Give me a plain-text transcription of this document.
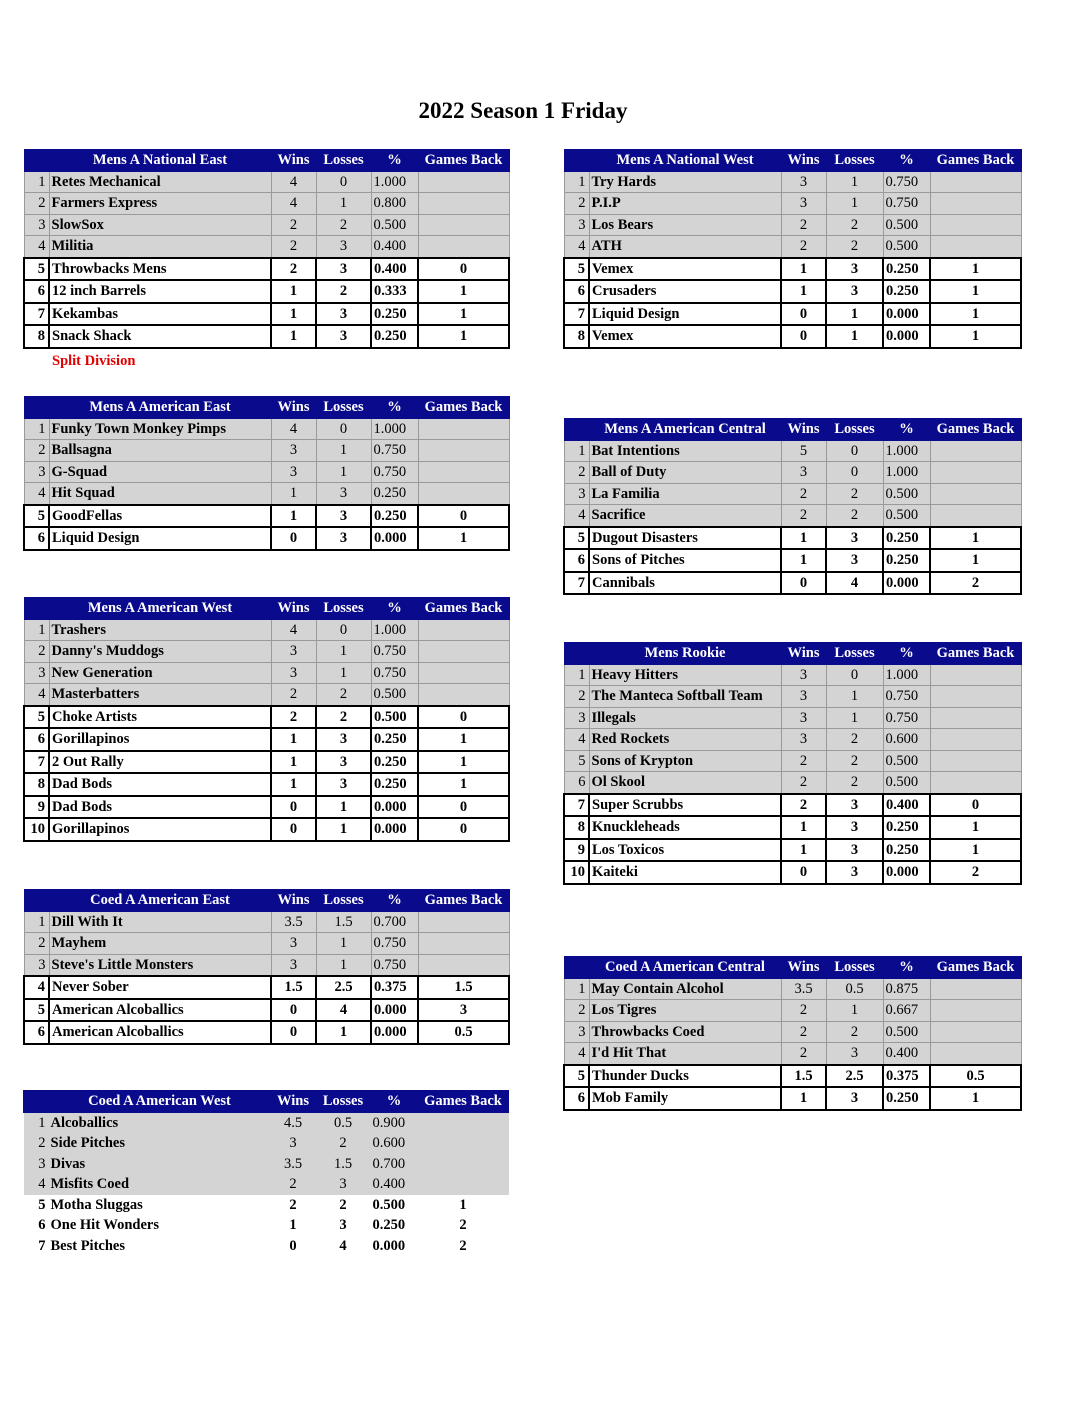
2022 Season 1 Friday
	Mens A National East	Wins	Losses	%	Games Back
1	Retes Mechanical	4	0	1.000	
2	Farmers Express	4	1	0.800	
3	SlowSox	2	2	0.500	
4	Militia	2	3	0.400	
5	Throwbacks Mens	2	3	0.400	0
6	12 inch Barrels	1	2	0.333	1
7	Kekambas	1	3	0.250	1
8	Snack Shack	1	3	0.250	1
	Mens A National West	Wins	Losses	%	Games Back
1	Try Hards	3	1	0.750	
2	P.I.P	3	1	0.750	
3	Los Bears	2	2	0.500	
4	ATH	2	2	0.500	
5	Vemex	1	3	0.250	1
6	Crusaders	1	3	0.250	1
7	Liquid Design	0	1	0.000	1
8	Vemex	0	1	0.000	1
Split Division
	Mens A American East	Wins	Losses	%	Games Back
1	Funky Town Monkey Pimps	4	0	1.000	
2	Ballsagna	3	1	0.750	
3	G-Squad	3	1	0.750	
4	Hit Squad	1	3	0.250	
5	GoodFellas	1	3	0.250	0
6	Liquid Design	0	3	0.000	1
	Mens A American Central	Wins	Losses	%	Games Back
1	Bat Intentions	5	0	1.000	
2	Ball of Duty	3	0	1.000	
3	La Familia	2	2	0.500	
4	Sacrifice	2	2	0.500	
5	Dugout Disasters	1	3	0.250	1
6	Sons of Pitches	1	3	0.250	1
7	Cannibals	0	4	0.000	2
	Mens A American West	Wins	Losses	%	Games Back
1	Trashers	4	0	1.000	
2	Danny's Muddogs	3	1	0.750	
3	New Generation	3	1	0.750	
4	Masterbatters	2	2	0.500	
5	Choke Artists	2	2	0.500	0
6	Gorillapinos	1	3	0.250	1
7	2 Out Rally	1	3	0.250	1
8	Dad Bods	1	3	0.250	1
9	Dad Bods	0	1	0.000	0
10	Gorillapinos	0	1	0.000	0
	Mens Rookie	Wins	Losses	%	Games Back
1	Heavy Hitters	3	0	1.000	
2	The Manteca Softball Team	3	1	0.750	
3	Illegals	3	1	0.750	
4	Red Rockets	3	2	0.600	
5	Sons of Krypton	2	2	0.500	
6	Ol Skool	2	2	0.500	
7	Super Scrubbs	2	3	0.400	0
8	Knuckleheads	1	3	0.250	1
9	Los Toxicos	1	3	0.250	1
10	Kaiteki	0	3	0.000	2
	Coed A American East	Wins	Losses	%	Games Back
1	Dill With It	3.5	1.5	0.700	
2	Mayhem	3	1	0.750	
3	Steve's Little Monsters	3	1	0.750	
4	Never Sober	1.5	2.5	0.375	1.5
5	American Alcoballics	0	4	0.000	3
6	American Alcoballics	0	1	0.000	0.5
	Coed A American Central	Wins	Losses	%	Games Back
1	May Contain Alcohol	3.5	0.5	0.875	
2	Los Tigres	2	1	0.667	
3	Throwbacks Coed	2	2	0.500	
4	I'd Hit That	2	3	0.400	
5	Thunder Ducks	1.5	2.5	0.375	0.5
6	Mob Family	1	3	0.250	1
	Coed A American West	Wins	Losses	%	Games Back
1	Alcoballics	4.5	0.5	0.900	
2	Side Pitches	3	2	0.600	
3	Divas	3.5	1.5	0.700	
4	Misfits Coed	2	3	0.400	
5	Motha Sluggas	2	2	0.500	1
6	One Hit Wonders	1	3	0.250	2
7	Best Pitches	0	4	0.000	2
